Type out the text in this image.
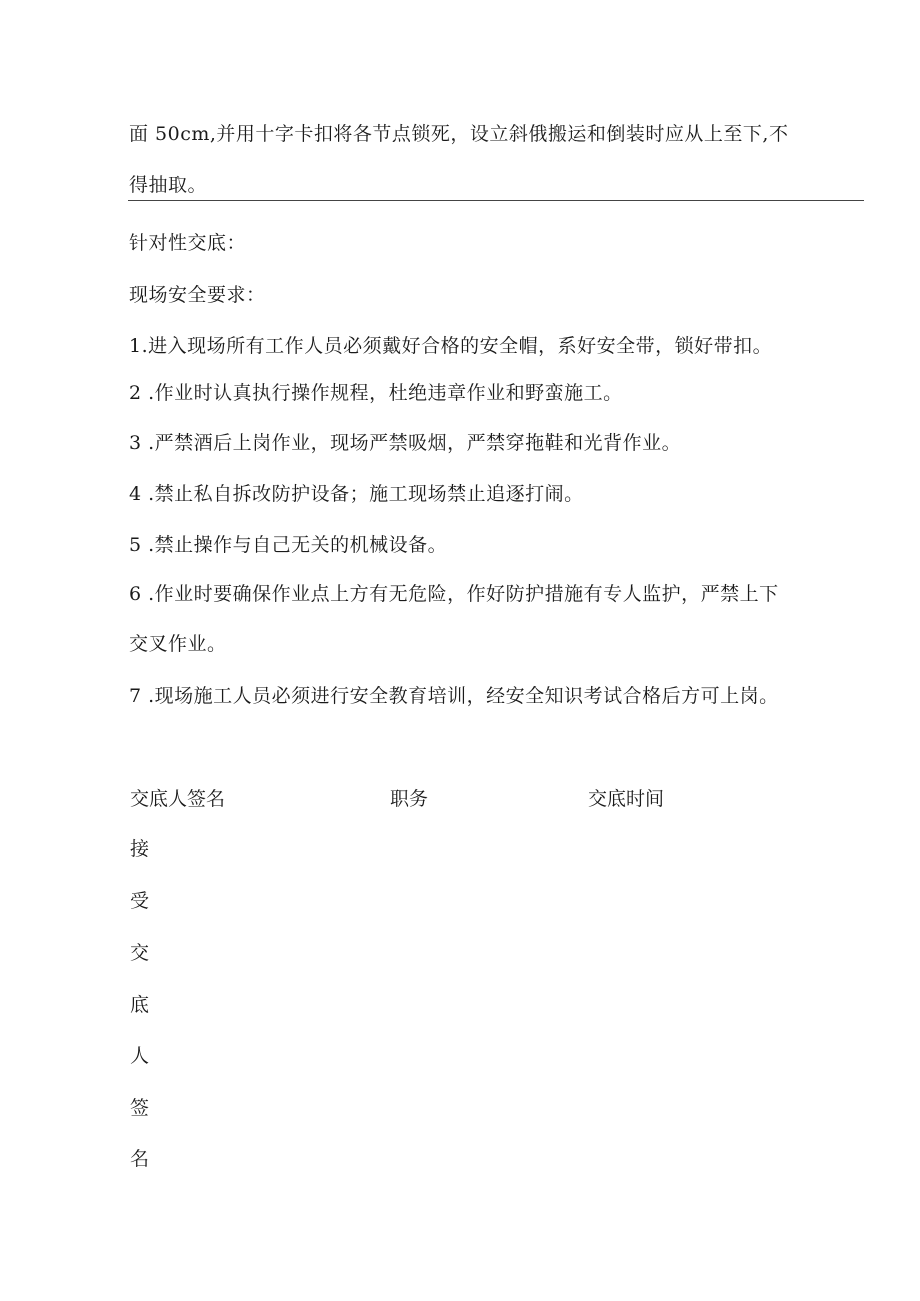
面 50cm,并用十字卡扣将各节点锁死，设立斜俄搬运和倒装时应从上至下,不
得抽取。
针对性交底：
现场安全要求：
1.进入现场所有工作人员必须戴好合格的安全帽，系好安全带，锁好带扣。
2 .作业时认真执行操作规程，杜绝违章作业和野蛮施工。
3 .严禁酒后上岗作业，现场严禁吸烟，严禁穿拖鞋和光背作业。
4 .禁止私自拆改防护设备；施工现场禁止追逐打闹。
5 .禁止操作与自己无关的机械设备。
6 .作业时要确保作业点上方有无危险，作好防护措施有专人监护，严禁上下
交叉作业。
7 .现场施工人员必须进行安全教育培训，经安全知识考试合格后方可上岗。
交底人签名	职务	交底时间
接
受
交
底
人
签
名
